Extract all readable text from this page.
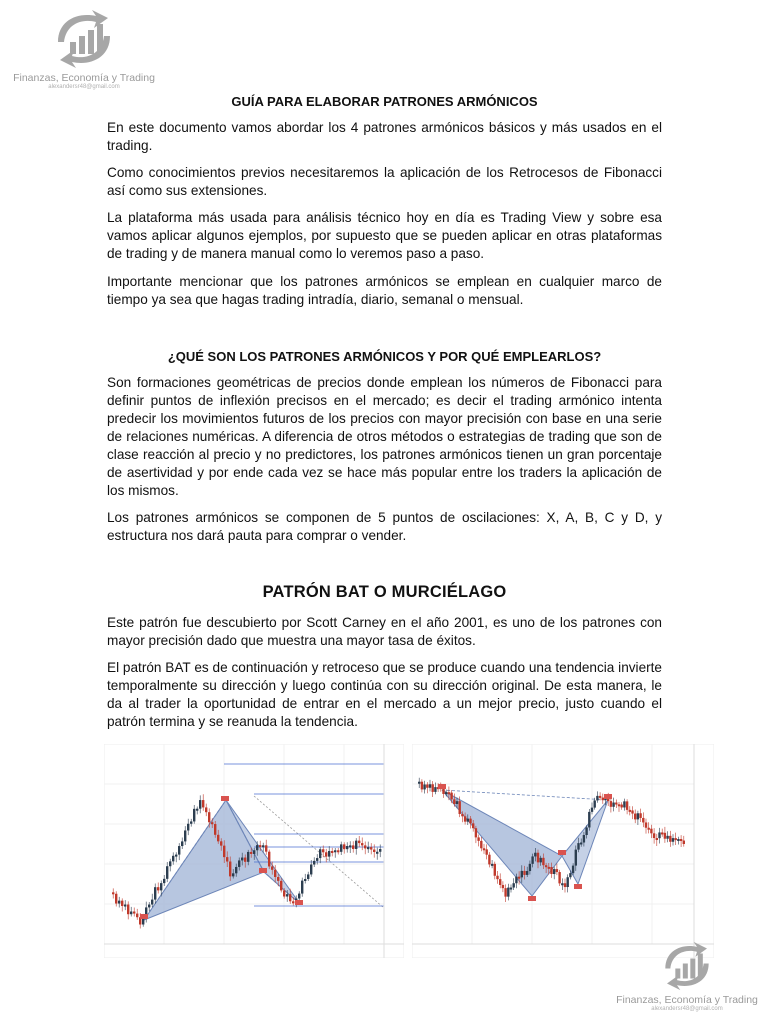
Finanzas, Economía y Trading
alexandersr48@gmail.com
GUÍA PARA ELABORAR PATRONES ARMÓNICOS

En este documento vamos abordar los 4 patrones armónicos básicos y más usados en el trading.

Como conocimientos previos necesitaremos la aplicación de los Retrocesos de Fibonacci así como sus extensiones.

La plataforma más usada para análisis técnico hoy en día es Trading View y sobre esa vamos aplicar algunos ejemplos, por supuesto que se pueden aplicar en otras plataformas de trading y de manera manual como lo veremos paso a paso.

Importante mencionar que los patrones armónicos se emplean en cualquier marco de tiempo ya sea que hagas trading intradía, diario, semanal o mensual.

¿QUÉ SON LOS PATRONES ARMÓNICOS Y POR QUÉ EMPLEARLOS?

Son formaciones geométricas de precios donde emplean los números de Fibonacci para definir puntos de inflexión precisos en el mercado; es decir el trading armónico intenta predecir los movimientos futuros de los precios con mayor precisión con base en una serie de relaciones numéricas. A diferencia de otros métodos o estrategias de trading que son de clase reacción al precio y no predictores, los patrones armónicos tienen un gran porcentaje de asertividad y por ende cada vez se hace más popular entre los traders la aplicación de los mismos.

Los patrones armónicos se componen de 5 puntos de oscilaciones: X, A, B, C y D, y estructura nos dará pauta para comprar o vender.

PATRÓN BAT O MURCIÉLAGO

Este patrón fue descubierto por Scott Carney en el año 2001, es uno de los patrones con mayor precisión dado que muestra una mayor tasa de éxitos.

El patrón BAT es de continuación y retroceso que se produce cuando una tendencia invierte temporalmente su dirección y luego continúa con su dirección original. De esta manera, le da al trader la oportunidad de entrar en el mercado a un mejor precio, justo cuando el patrón termina y se reanuda la tendencia.

Finanzas, Economía y Trading
alexandersr48@gmail.com
